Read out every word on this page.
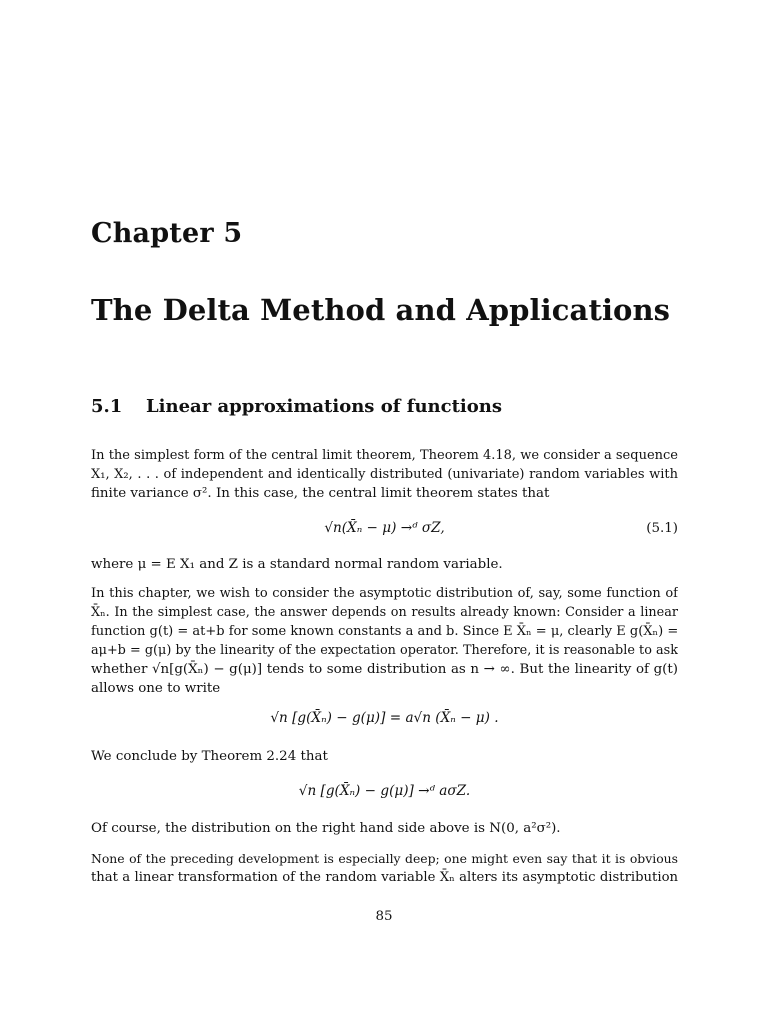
Chapter 5
The Delta Method and Applications
5.1 Linear approximations of functions
In the simplest form of the central limit theorem, Theorem 4.18, we consider a sequence
X₁, X₂, . . . of independent and identically distributed (univariate) random variables with
finite variance σ². In this case, the central limit theorem states that
√n(X̄ₙ − μ) →ᵈ σZ,	(5.1)
where μ = E X₁ and Z is a standard normal random variable.
In this chapter, we wish to consider the asymptotic distribution of, say, some function of
X̄ₙ. In the simplest case, the answer depends on results already known: Consider a linear
function g(t) = at+b for some known constants a and b. Since E X̄ₙ = μ, clearly E g(X̄ₙ) =
aμ+b = g(μ) by the linearity of the expectation operator. Therefore, it is reasonable to ask
whether √n[g(X̄ₙ) − g(μ)] tends to some distribution as n → ∞. But the linearity of g(t)
allows one to write
√n [g(X̄ₙ) − g(μ)] = a√n (X̄ₙ − μ) .
We conclude by Theorem 2.24 that
√n [g(X̄ₙ) − g(μ)] →ᵈ aσZ.
Of course, the distribution on the right hand side above is N(0, a²σ²).
None of the preceding development is especially deep; one might even say that it is obvious
that a linear transformation of the random variable X̄ₙ alters its asymptotic distribution
85
